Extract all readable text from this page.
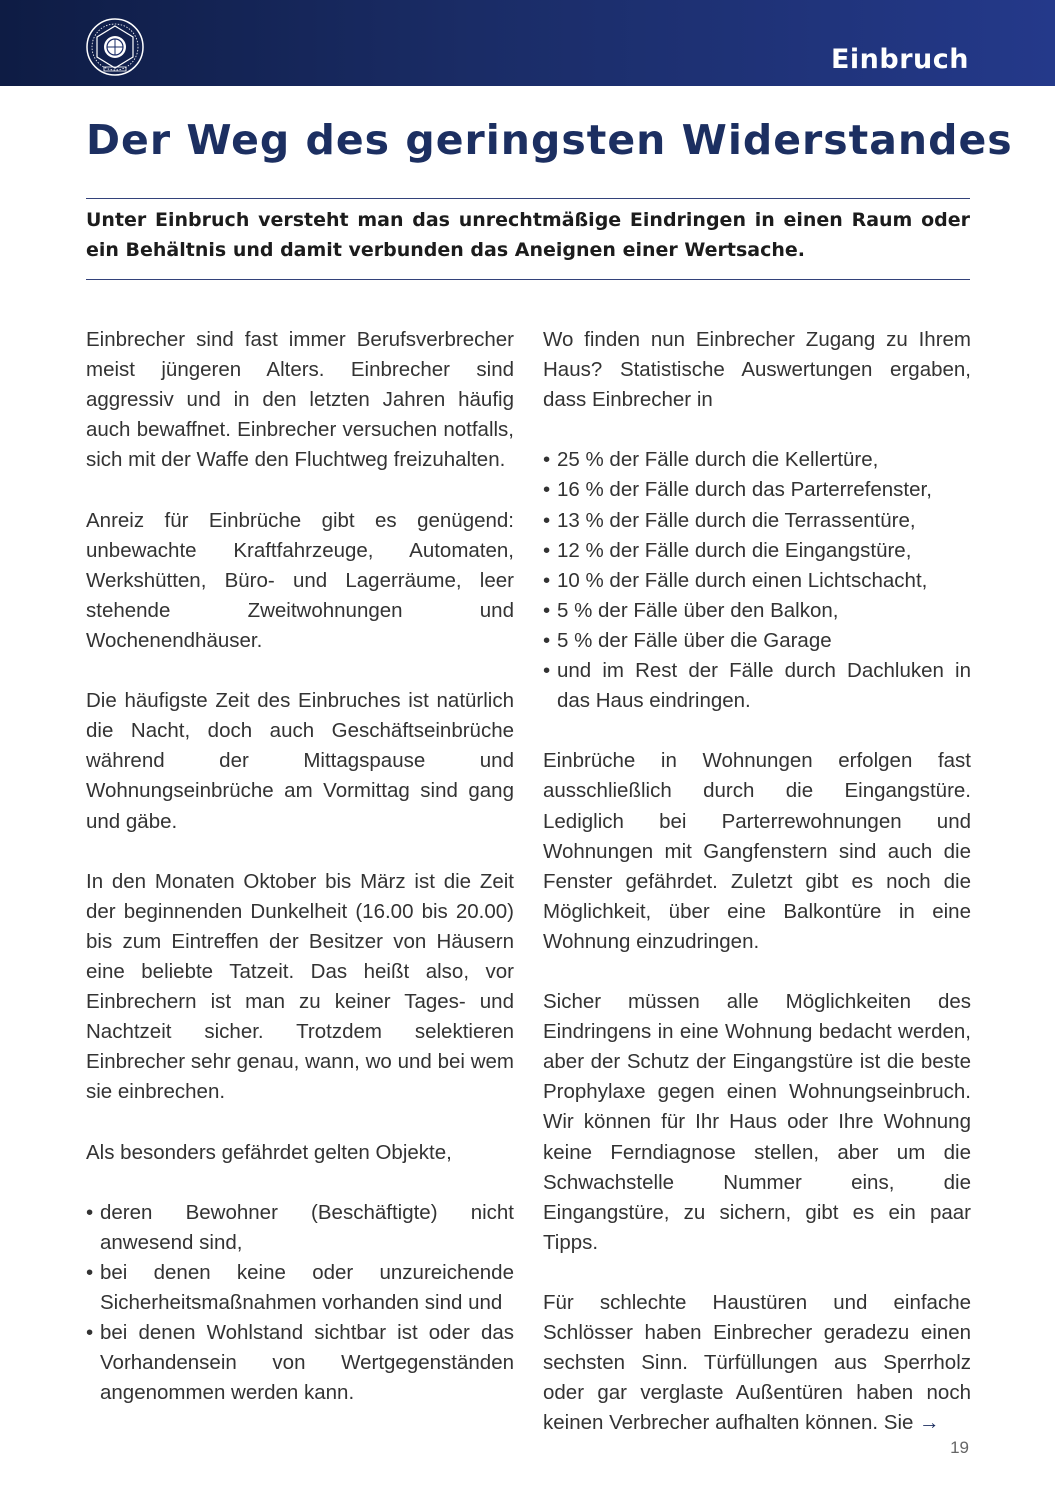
Einbruch
Der Weg des geringsten Widerstandes

Unter Einbruch versteht man das unrechtmäßige Eindringen in einen Raum oder ein Behältnis und damit verbunden das Aneignen einer Wertsache.

Einbrecher sind fast immer Berufsverbrecher meist jüngeren Alters. Einbrecher sind aggressiv und in den letzten Jahren häufig auch bewaffnet. Einbrecher versuchen notfalls, sich mit der Waffe den Fluchtweg freizuhalten.

Anreiz für Einbrüche gibt es genügend: unbewachte Kraftfahrzeuge, Automaten, Werkshütten, Büro- und Lagerräume, leer stehende Zweitwohnungen und Wochenendhäuser.

Die häufigste Zeit des Einbruches ist natürlich die Nacht, doch auch Geschäftseinbrüche während der Mittagspause und Wohnungseinbrüche am Vormittag sind gang und gäbe.

In den Monaten Oktober bis März ist die Zeit der beginnenden Dunkelheit (16.00 bis 20.00) bis zum Eintreffen der Besitzer von Häusern eine beliebte Tatzeit. Das heißt also, vor Einbrechern ist man zu keiner Tages- und Nachtzeit sicher. Trotzdem selektieren Einbrecher sehr genau, wann, wo und bei wem sie einbrechen.

Als besonders gefährdet gelten Objekte,

• deren Bewohner (Beschäftigte) nicht anwesend sind,
• bei denen keine oder unzureichende Sicherheitsmaßnahmen vorhanden sind und
• bei denen Wohlstand sichtbar ist oder das Vorhandensein von Wertgegenständen angenommen werden kann.

Wo finden nun Einbrecher Zugang zu Ihrem Haus? Statistische Auswertungen ergaben, dass Einbrecher in

• 25 % der Fälle durch die Kellertüre,
• 16 % der Fälle durch das Parterrefenster,
• 13 % der Fälle durch die Terrassentüre,
• 12 % der Fälle durch die Eingangstüre,
• 10 % der Fälle durch einen Lichtschacht,
• 5 % der Fälle über den Balkon,
• 5 % der Fälle über die Garage
• und im Rest der Fälle durch Dachluken in das Haus eindringen.

Einbrüche in Wohnungen erfolgen fast ausschließlich durch die Eingangstüre. Lediglich bei Parterrewohnungen und Wohnungen mit Gangfenstern sind auch die Fenster gefährdet. Zuletzt gibt es noch die Möglichkeit, über eine Balkontüre in eine Wohnung einzudringen.

Sicher müssen alle Möglichkeiten des Eindringens in eine Wohnung bedacht werden, aber der Schutz der Eingangstüre ist die beste Prophylaxe gegen einen Wohnungseinbruch. Wir können für Ihr Haus oder Ihre Wohnung keine Ferndiagnose stellen, aber um die Schwachstelle Nummer eins, die Eingangstüre, zu sichern, gibt es ein paar Tipps.

Für schlechte Haustüren und einfache Schlösser haben Einbrecher geradezu einen sechsten Sinn. Türfüllungen aus Sperrholz oder gar verglaste Außentüren haben noch keinen Verbrecher aufhalten können. Sie →

19
